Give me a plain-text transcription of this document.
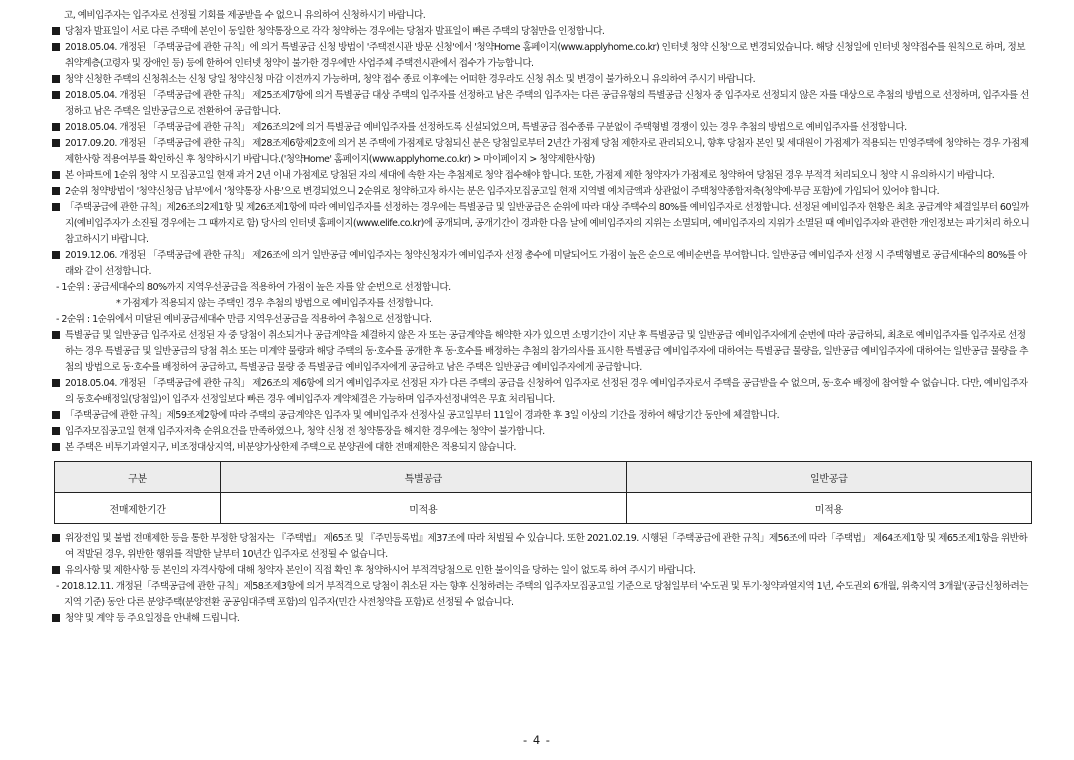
고, 예비입주자는 입주자로 선정될 기회를 제공받을 수 없으니 유의하여 신청하시기 바랍니다.

당첨자 발표일이 서로 다른 주택에 본인이 동일한 청약통장으로 각각 청약하는 경우에는 당첨자 발표일이 빠른 주택의 당첨만을 인정합니다.

2018.05.04. 개정된 「주택공급에 관한 규칙」에 의거 특별공급 신청 방법이 '주택전시관 방문 신청'에서 '청약Home 홈페이지(www.applyhome.co.kr) 인터넷 청약 신청'으로 변경되었습니다. 해당 신청일에 인터넷 청약접수를 원칙으로 하며, 정보취약계층(고령자 및 장애인 등) 등에 한하여 인터넷 청약이 불가한 경우에만 사업주체 주택전시관에서 접수가 가능합니다.

청약 신청한 주택의 신청취소는 신청 당일 청약신청 마감 이전까지 가능하며, 청약 접수 종료 이후에는 어떠한 경우라도 신청 취소 및 변경이 불가하오니 유의하여 주시기 바랍니다.

2018.05.04. 개정된 「주택공급에 관한 규칙」 제25조제7항에 의거 특별공급 대상 주택의 입주자를 선정하고 남은 주택의 입주자는 다른 공급유형의 특별공급 신청자 중 입주자로 선정되지 않은 자를 대상으로 추첨의 방법으로 선정하며, 입주자를 선정하고 남은 주택은 일반공급으로 전환하여 공급합니다.

2018.05.04. 개정된 「주택공급에 관한 규칙」 제26조의2에 의거 특별공급 예비입주자를 선정하도록 신설되었으며, 특별공급 접수종류 구분없이 주택형별 경쟁이 있는 경우 추첨의 방법으로 예비입주자를 선정합니다.

2017.09.20. 개정된 「주택공급에 관한 규칙」 제28조제6항제2호에 의거 본 주택에 가점제로 당첨되신 분은 당첨일로부터 2년간 가점제 당첨 제한자로 관리되오니, 향후 당첨자 본인 및 세대원이 가점제가 적용되는 민영주택에 청약하는 경우 가점제 제한사항 적용여부를 확인하신 후 청약하시기 바랍니다.('청약Home' 홈페이지(www.applyhome.co.kr) > 마이페이지 > 청약제한사항)

본 아파트에 1순위 청약 시 모집공고일 현재 과거 2년 이내 가점제로 당첨된 자의 세대에 속한 자는 추첨제로 청약 접수해야 합니다. 또한, 가점제 제한 청약자가 가점제로 청약하여 당첨된 경우 부적격 처리되오니 청약 시 유의하시기 바랍니다.

2순위 청약방법이 '청약신청금 납부'에서 '청약통장 사용'으로 변경되었으니 2순위로 청약하고자 하시는 분은 입주자모집공고일 현재 지역별 예치금액과 상관없이 주택청약종합저축(청약예·부금 포함)에 가입되어 있어야 합니다.

「주택공급에 관한 규칙」제26조의2제1항 및 제26조제1항에 따라 예비입주자를 선정하는 경우에는 특별공급 및 일반공급은 순위에 따라 대상 주택수의 80%를 예비입주자로 선정합니다. 선정된 예비입주자 현황은 최초 공급계약 체결일부터 60일까지(예비입주자가 소진될 경우에는 그 때까지로 함) 당사의 인터넷 홈페이지(www.elife.co.kr)에 공개되며, 공개기간이 경과한 다음 날에 예비입주자의 지위는 소멸되며, 예비입주자의 지위가 소멸된 때 예비입주자와 관련한 개인정보는 파기처리 하오니 참고하시기 바랍니다.

2019.12.06. 개정된 「주택공급에 관한 규칙」 제26조에 의거 일반공급 예비입주자는 청약신청자가 예비입주자 선정 총수에 미달되어도 가점이 높은 순으로 예비순번을 부여합니다. 일반공급 예비입주자 선정 시 주택형별로 공급세대수의 80%를 아래와 같이 선정합니다.

- 1순위 : 공급세대수의 80%까지 지역우선공급을 적용하여 가점이 높은 자를 앞 순번으로 선정합니다.

* 가점제가 적용되지 않는 주택인 경우 추첨의 방법으로 예비입주자를 선정합니다.

- 2순위 : 1순위에서 미달된 예비공급세대수 만큼 지역우선공급을 적용하여 추첨으로 선정합니다.

특별공급 및 일반공급 입주자로 선정된 자 중 당첨이 취소되거나 공급계약을 체결하지 않은 자 또는 공급계약을 해약한 자가 있으면 소명기간이 지난 후 특별공급 및 일반공급 예비입주자에게 순번에 따라 공급하되, 최초로 예비입주자를 입주자로 선정하는 경우 특별공급 및 일반공급의 당첨 취소 또는 미계약 물량과 해당 주택의 동·호수를 공개한 후 동·호수를 배정하는 추첨의 참가의사를 표시한 특별공급 예비입주자에 대하여는 특별공급 물량을, 일반공급 예비입주자에 대하여는 일반공급 물량을 추첨의 방법으로 동·호수를 배정하여 공급하고, 특별공급 물량 중 특별공급 예비입주자에게 공급하고 남은 주택은 일반공급 예비입주자에게 공급합니다.

2018.05.04. 개정된 「주택공급에 관한 규칙」 제26조의 제6항에 의거 예비입주자로 선정된 자가 다른 주택의 공급을 신청하여 입주자로 선정된 경우 예비입주자로서 주택을 공급받을 수 없으며, 동·호수 배정에 참여할 수 없습니다. 다만, 예비입주자의 동호수배정일(당첨일)이 입주자 선정일보다 빠른 경우 예비입주자 계약체결은 가능하며 입주자선정내역은 무효 처리됩니다.

「주택공급에 관한 규칙」제59조제2항에 따라 주택의 공급계약은 입주자 및 예비입주자 선정사실 공고일부터 11일이 경과한 후 3일 이상의 기간을 정하여 해당기간 동안에 체결합니다.

입주자모집공고일 현재 입주자저축 순위요건을 만족하였으나, 청약 신청 전 청약통장을 해지한 경우에는 청약이 불가합니다.

본 주택은 비투기과열지구, 비조정대상지역, 비분양가상한제 주택으로 분양권에 대한 전매제한은 적용되지 않습니다.

구분	특별공급	일반공급
전매제한기간	미적용	미적용

위장전입 및 불법 전매제한 등을 통한 부정한 당첨자는 『주택법』 제65조 및 『주민등록법』제37조에 따라 처벌될 수 있습니다. 또한 2021.02.19. 시행된「주택공급에 관한 규칙」제56조에 따라「주택법」 제64조제1항 및 제65조제1항을 위반하여 적발된 경우, 위반한 행위를 적발한 날부터 10년간 입주자로 선정될 수 없습니다.

유의사항 및 제한사항 등 본인의 자격사항에 대해 청약자 본인이 직접 확인 후 청약하시어 부적격당첨으로 인한 불이익을 당하는 일이 없도록 하여 주시기 바랍니다.

- 2018.12.11. 개정된「주택공급에 관한 규칙」제58조제3항에 의거 부적격으로 당첨이 취소된 자는 향후 신청하려는 주택의 입주자모집공고일 기준으로 당첨일부터 '수도권 및 투기·청약과열지역 1년, 수도권외 6개월, 위축지역 3개월'(공급신청하려는 지역 기준) 동안 다른 분양주택(분양전환 공공임대주택 포함)의 입주자(민간 사전청약을 포함)로 선정될 수 없습니다.

청약 및 계약 등 주요일정을 안내해 드립니다.

- 4 -
